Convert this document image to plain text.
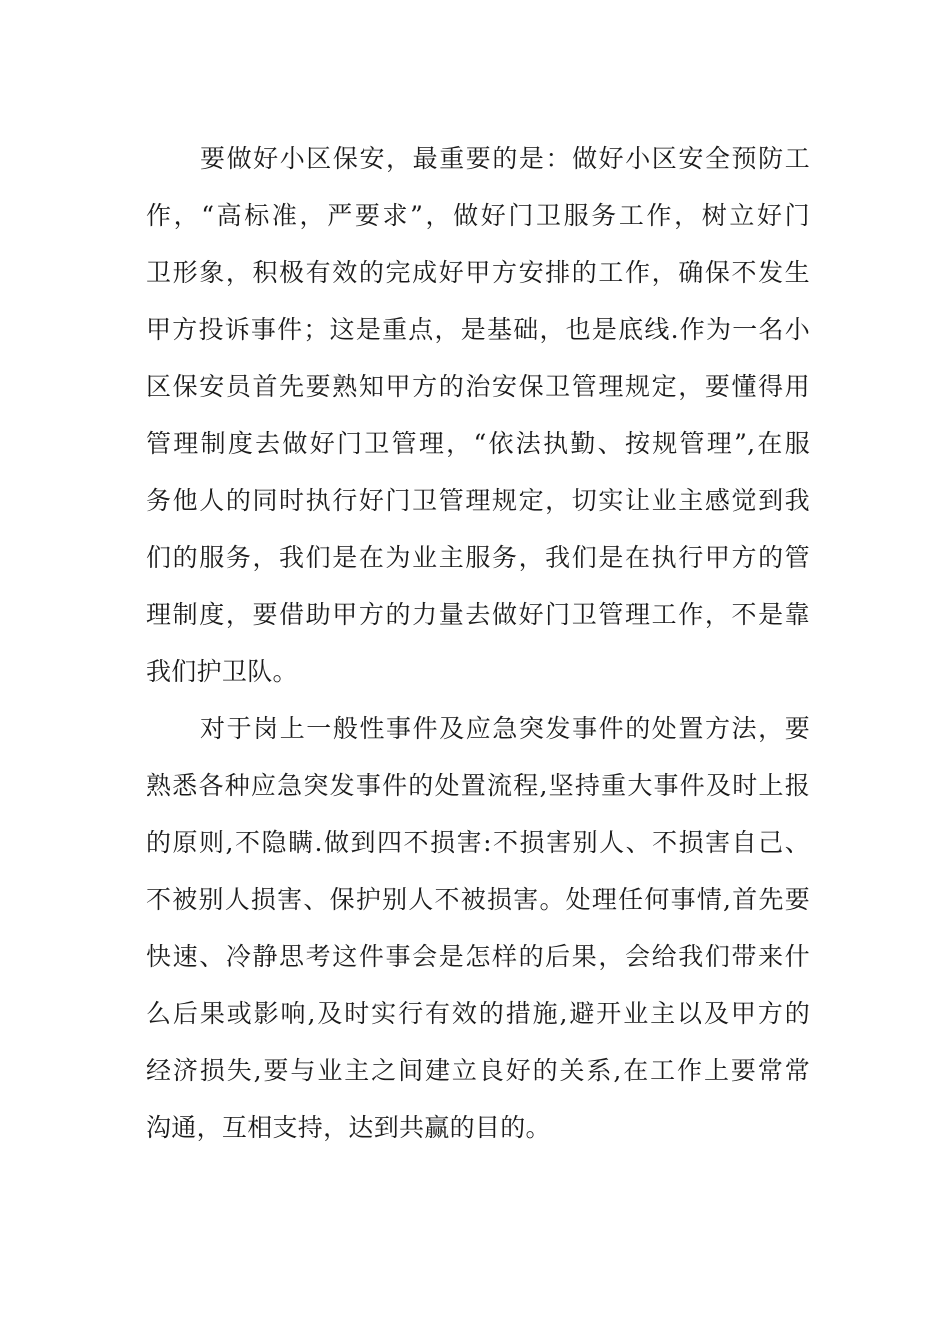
要做好小区保安，最重要的是：做好小区安全预防工
作，“高标准，严要求”，做好门卫服务工作，树立好门
卫形象，积极有效的完成好甲方安排的工作，确保不发生
甲方投诉事件；这是重点，是基础，也是底线.作为一名小
区保安员首先要熟知甲方的治安保卫管理规定，要懂得用
管理制度去做好门卫管理，“依法执勤、按规管理”,在服
务他人的同时执行好门卫管理规定，切实让业主感觉到我
们的服务，我们是在为业主服务，我们是在执行甲方的管
理制度，要借助甲方的力量去做好门卫管理工作，不是靠
我们护卫队。
对于岗上一般性事件及应急突发事件的处置方法，要
熟悉各种应急突发事件的处置流程,坚持重大事件及时上报
的原则,不隐瞒.做到四不损害:不损害别人、不损害自己、
不被别人损害、保护别人不被损害。处理任何事情,首先要
快速、冷静思考这件事会是怎样的后果，会给我们带来什
么后果或影响,及时实行有效的措施,避开业主以及甲方的
经济损失,要与业主之间建立良好的关系,在工作上要常常
沟通，互相支持，达到共赢的目的。
